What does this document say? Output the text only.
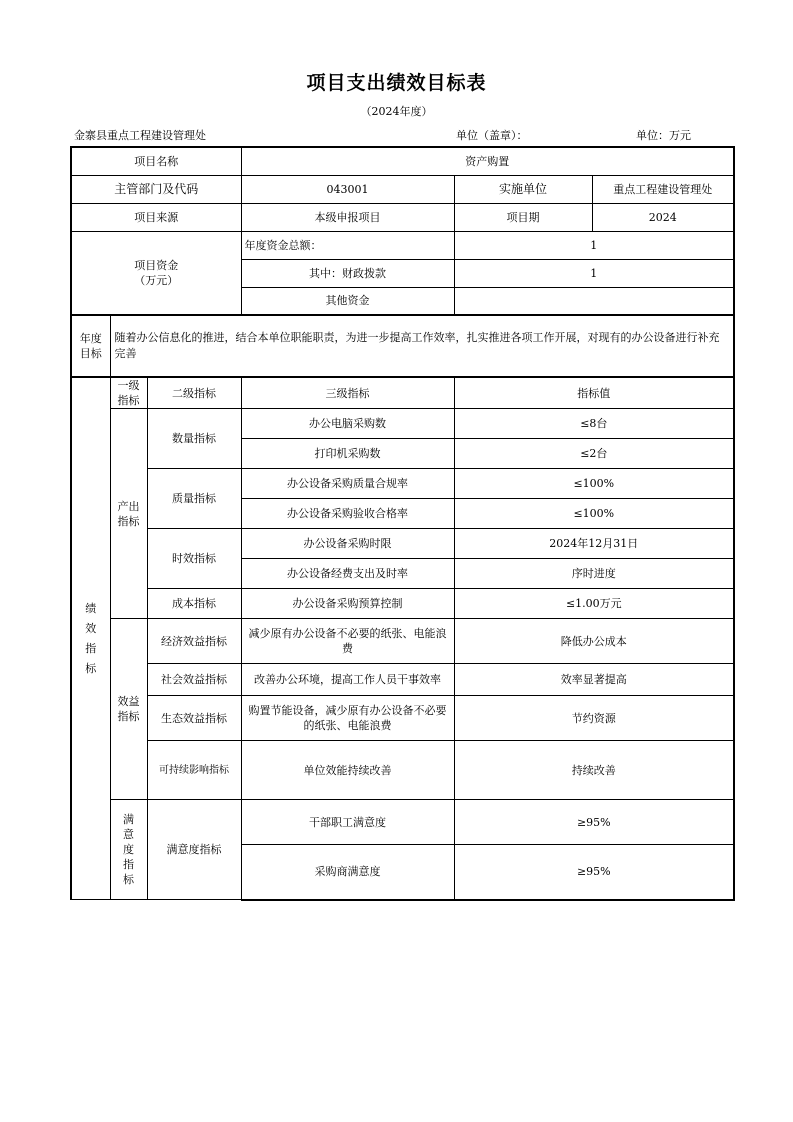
项目支出绩效目标表
（2024年度）
金寨县重点工程建设管理处	单位（盖章）：	单位：万元
项目名称			资产购置		
主管部门及代码			043001	实施单位	重点工程建设管理处
项目来源			本级申报项目	项目期	2024

项目资金
（万元）			年度资金总额：	1	
			其中：财政拨款	1	
			其他资金		
年度目标	随着办公信息化的推进，结合本单位职能职责，为进一步提高工作效率，扎实推进各项工作开展，对现有的办公设备进行补充完善				
绩效指标	一级指标	二级指标	三级指标	指标值	
	产出指标	数量指标	办公电脑采购数	≤8台	
			打印机采购数	≤2台	
		质量指标	办公设备采购质量合规率	≤100%	
			办公设备采购验收合格率	≤100%	
		时效指标	办公设备采购时限	2024年12月31日	
			办公设备经费支出及时率	序时进度	
		成本指标	办公设备采购预算控制	≤1.00万元	
	效益指标	经济效益指标	减少原有办公设备不必要的纸张、电能浪费	降低办公成本	
		社会效益指标	改善办公环境，提高工作人员干事效率	效率显著提高	
		生态效益指标	购置节能设备，减少原有办公设备不必要的纸张、电能浪费	节约资源	
		可持续影响指标	单位效能持续改善	持续改善	
	满意度指标	满意度指标	干部职工满意度	≥95%	
			采购商满意度	≥95%	
